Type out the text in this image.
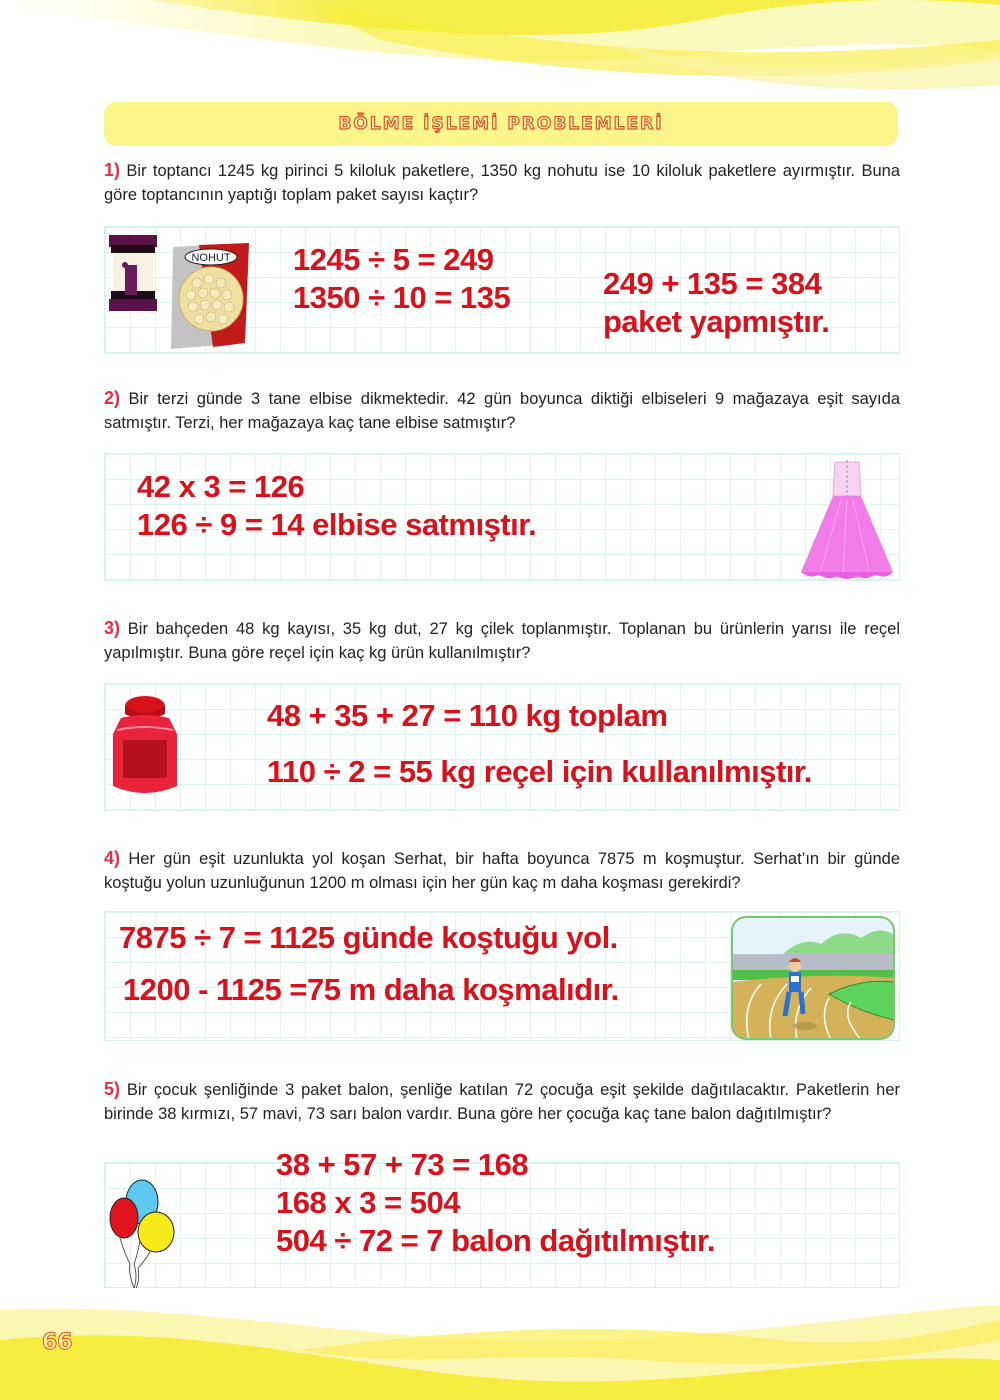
BÖLME İŞLEMİ PROBLEMLERİ
1) Bir toptancı 1245 kg pirinci 5 kiloluk paketlere, 1350 kg nohutu ise 10 kiloluk paketlere ayırmıştır. Buna göre toptancının yaptığı toplam paket sayısı kaçtır?
NOHUT 1245 ÷ 5 = 249
1350 ÷ 10 = 135	249 + 135 = 384
paket yapmıştır.
2) Bir terzi günde 3 tane elbise dikmektedir. 42 gün boyunca diktiği elbiseleri 9 mağazaya eşit sayıda satmıştır. Terzi, her mağazaya kaç tane elbise satmıştır?
42 x 3 = 126
126 ÷ 9 = 14 elbise satmıştır.
3) Bir bahçeden 48 kg kayısı, 35 kg dut, 27 kg çilek toplanmıştır. Toplanan bu ürünlerin yarısı ile reçel yapılmıştır. Buna göre reçel için kaç kg ürün kullanılmıştır?
48 + 35 + 27 = 110 kg toplam
110 ÷ 2 = 55 kg reçel için kullanılmıştır.
4) Her gün eşit uzunlukta yol koşan Serhat, bir hafta boyunca 7875 m koşmuştur. Serhat’ın bir günde koştuğu yolun uzunluğunun 1200 m olması için her gün kaç m daha koşması gerekirdi?
7875 ÷ 7 = 1125 günde koştuğu yol.
1200 - 1125 =75 m daha koşmalıdır.
5) Bir çocuk şenliğinde 3 paket balon, şenliğe katılan 72 çocuğa eşit şekilde dağıtılacaktır. Paketlerin her birinde 38 kırmızı, 57 mavi, 73 sarı balon vardır. Buna göre her çocuğa kaç tane balon dağıtılmıştır?
38 + 57 + 73 = 168
168 x 3 = 504
504 ÷ 72 = 7 balon dağıtılmıştır.
66
